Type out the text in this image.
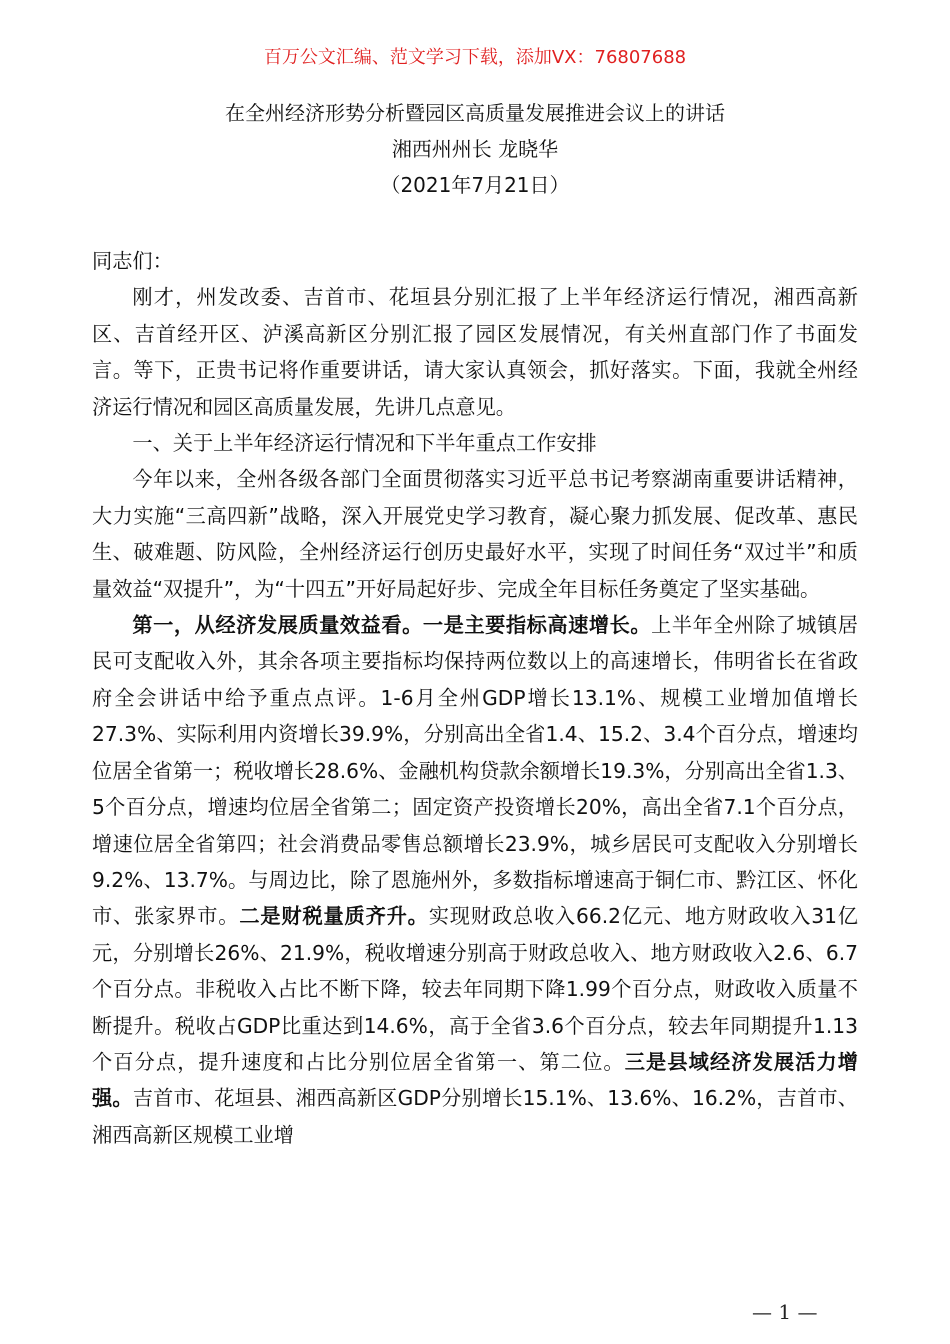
百万公文汇编、范文学习下载，添加VX：76807688
在全州经济形势分析暨园区高质量发展推进会议上的讲话
湘西州州长 龙晓华
（2021年7月21日）

同志们：

刚才，州发改委、吉首市、花垣县分别汇报了上半年经济运行情况，湘西高新区、吉首经开区、泸溪高新区分别汇报了园区发展情况，有关州直部门作了书面发言。等下，正贵书记将作重要讲话，请大家认真领会，抓好落实。下面，我就全州经济运行情况和园区高质量发展，先讲几点意见。

一、关于上半年经济运行情况和下半年重点工作安排

今年以来，全州各级各部门全面贯彻落实习近平总书记考察湖南重要讲话精神，大力实施“三高四新”战略，深入开展党史学习教育，凝心聚力抓发展、促改革、惠民生、破难题、防风险，全州经济运行创历史最好水平，实现了时间任务“双过半”和质量效益“双提升”，为“十四五”开好局起好步、完成全年目标任务奠定了坚实基础。

第一，从经济发展质量效益看。一是主要指标高速增长。上半年全州除了城镇居民可支配收入外，其余各项主要指标均保持两位数以上的高速增长，伟明省长在省政府全会讲话中给予重点点评。1-6月全州GDP增长13.1%、规模工业增加值增长27.3%、实际利用内资增长39.9%，分别高出全省1.4、15.2、3.4个百分点，增速均位居全省第一；税收增长28.6%、金融机构贷款余额增长19.3%，分别高出全省1.3、5个百分点，增速均位居全省第二；固定资产投资增长20%，高出全省7.1个百分点，增速位居全省第四；社会消费品零售总额增长23.9%，城乡居民可支配收入分别增长9.2%、13.7%。与周边比，除了恩施州外，多数指标增速高于铜仁市、黔江区、怀化市、张家界市。二是财税量质齐升。实现财政总收入66.2亿元、地方财政收入31亿元，分别增长26%、21.9%，税收增速分别高于财政总收入、地方财政收入2.6、6.7个百分点。非税收入占比不断下降，较去年同期下降1.99个百分点，财政收入质量不断提升。税收占GDP比重达到14.6%，高于全省3.6个百分点，较去年同期提升1.13个百分点，提升速度和占比分别位居全省第一、第二位。三是县域经济发展活力增强。吉首市、花垣县、湘西高新区GDP分别增长15.1%、13.6%、16.2%，吉首市、湘西高新区规模工业增

— 1 —
